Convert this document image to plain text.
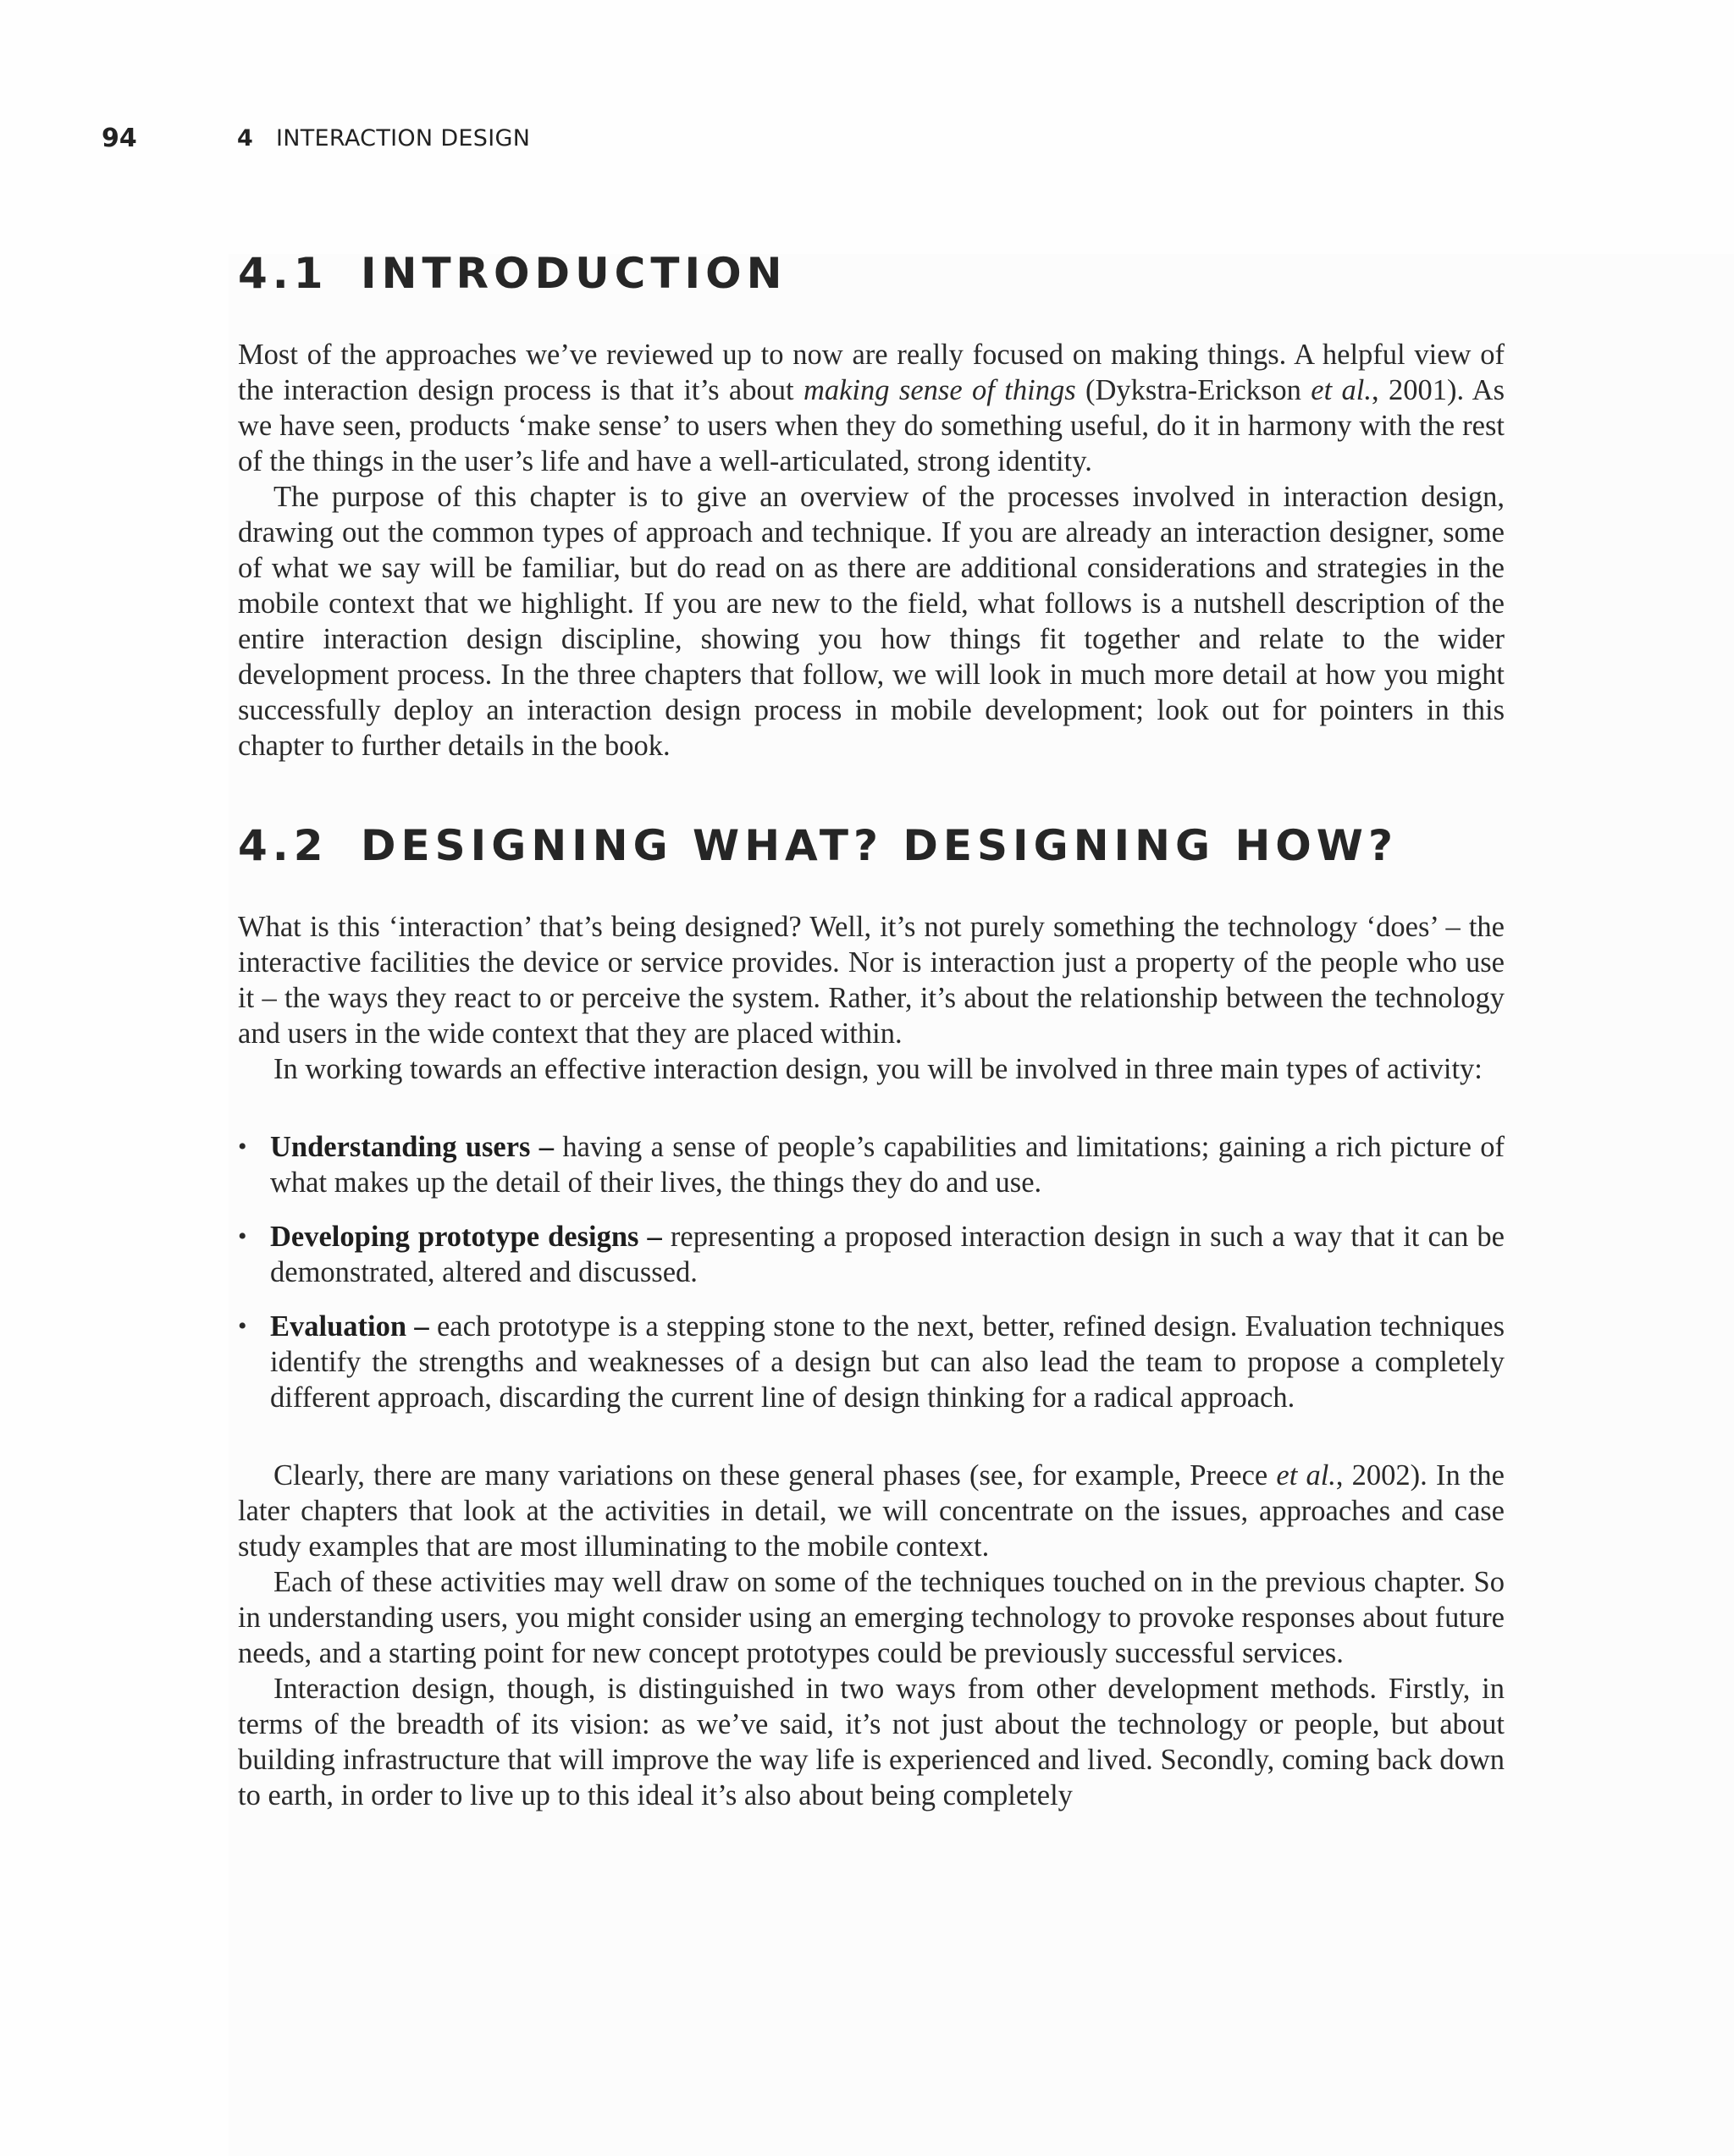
94	4 INTERACTION DESIGN
4.1 INTRODUCTION

Most of the approaches we’ve reviewed up to now are really focused on making things. A helpful view of the interaction design process is that it’s about making sense of things (Dykstra-Erickson et al., 2001). As we have seen, products ‘make sense’ to users when they do something useful, do it in harmony with the rest of the things in the user’s life and have a well-articulated, strong identity.

The purpose of this chapter is to give an overview of the processes involved in interaction design, drawing out the common types of approach and technique. If you are already an interaction designer, some of what we say will be familiar, but do read on as there are additional considerations and strategies in the mobile context that we highlight. If you are new to the field, what follows is a nutshell description of the entire interaction design discipline, showing you how things fit together and relate to the wider development process. In the three chapters that follow, we will look in much more detail at how you might successfully deploy an interaction design process in mobile development; look out for pointers in this chapter to further details in the book.

4.2 DESIGNING WHAT? DESIGNING HOW?

What is this ‘interaction’ that’s being designed? Well, it’s not purely something the technology ‘does’ – the interactive facilities the device or service provides. Nor is interaction just a property of the people who use it – the ways they react to or perceive the system. Rather, it’s about the relationship between the technology and users in the wide context that they are placed within.

In working towards an effective interaction design, you will be involved in three main types of activity:

• Understanding users – having a sense of people’s capabilities and limitations; gaining a rich picture of what makes up the detail of their lives, the things they do and use.
• Developing prototype designs – representing a proposed interaction design in such a way that it can be demonstrated, altered and discussed.
• Evaluation – each prototype is a stepping stone to the next, better, refined design. Evaluation techniques identify the strengths and weaknesses of a design but can also lead the team to propose a completely different approach, discarding the current line of design thinking for a radical approach.

Clearly, there are many variations on these general phases (see, for example, Preece et al., 2002). In the later chapters that look at the activities in detail, we will concentrate on the issues, approaches and case study examples that are most illuminating to the mobile context.

Each of these activities may well draw on some of the techniques touched on in the previous chapter. So in understanding users, you might consider using an emerging technology to provoke responses about future needs, and a starting point for new concept prototypes could be previously successful services.

Interaction design, though, is distinguished in two ways from other development methods. Firstly, in terms of the breadth of its vision: as we’ve said, it’s not just about the technology or people, but about building infrastructure that will improve the way life is experienced and lived. Secondly, coming back down to earth, in order to live up to this ideal it’s also about being completely
